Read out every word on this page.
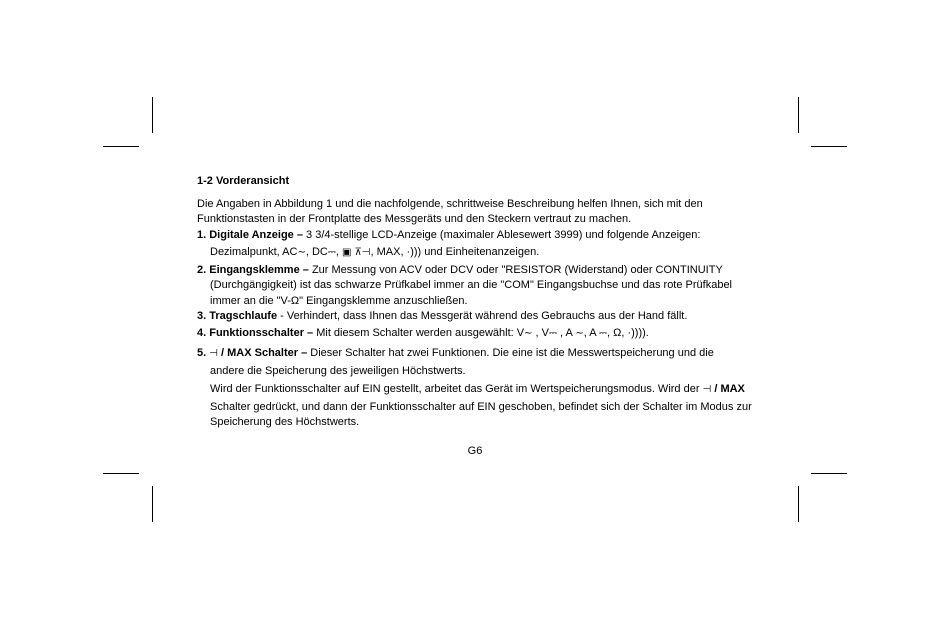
1-2 Vorderansicht

Die Angaben in Abbildung 1 und die nachfolgende, schrittweise Beschreibung helfen Ihnen, sich mit den Funktionstasten in der Frontplatte des Messgeräts und den Steckern vertraut zu machen.

1. Digitale Anzeige – 3 3/4-stellige LCD-Anzeige (maximaler Ablesewert 3999) und folgende Anzeigen:

Dezimalpunkt, AC∼, DC⎓, ▣ ⊼⊣, MAX, ·))) und Einheitenanzeigen.

2. Eingangsklemme – Zur Messung von ACV oder DCV oder "RESISTOR (Widerstand) oder CONTINUITY

(Durchgängigkeit) ist das schwarze Prüfkabel immer an die "COM" Eingangsbuchse und das rote Prüfkabel

immer an die "V-Ω" Eingangsklemme anzuschließen.

3. Tragschlaufe - Verhindert, dass Ihnen das Messgerät während des Gebrauchs aus der Hand fällt.

4. Funktionsschalter – Mit diesem Schalter werden ausgewählt: V∼ , V⎓ , A ∼, A ⎓, Ω, ·)))).

5. ⊣ / MAX Schalter – Dieser Schalter hat zwei Funktionen. Die eine ist die Messwertspeicherung und die

andere die Speicherung des jeweiligen Höchstwerts.

Wird der Funktionsschalter auf EIN gestellt, arbeitet das Gerät im Wertspeicherungsmodus. Wird der ⊣ / MAX

Schalter gedrückt, und dann der Funktionsschalter auf EIN geschoben, befindet sich der Schalter im Modus zur

Speicherung des Höchstwerts.

G6
